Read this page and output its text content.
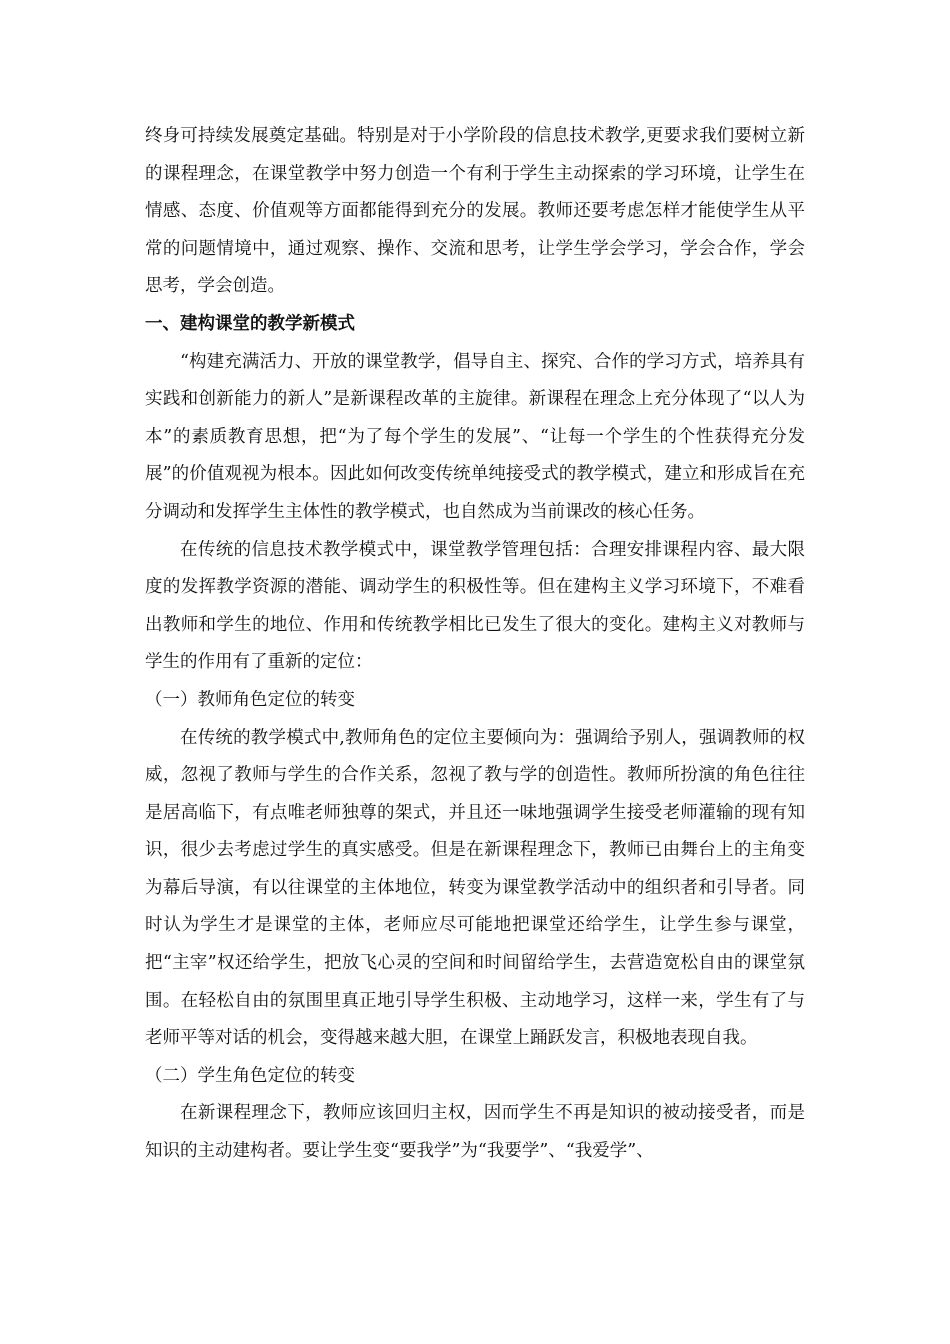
终身可持续发展奠定基础。特别是对于小学阶段的信息技术教学,更要求我们要树立新的课程理念，在课堂教学中努力创造一个有利于学生主动探索的学习环境，让学生在情感、态度、价值观等方面都能得到充分的发展。教师还要考虑怎样才能使学生从平常的问题情境中，通过观察、操作、交流和思考，让学生学会学习，学会合作，学会思考，学会创造。

一、建构课堂的教学新模式

“构建充满活力、开放的课堂教学，倡导自主、探究、合作的学习方式，培养具有实践和创新能力的新人”是新课程改革的主旋律。新课程在理念上充分体现了“以人为本”的素质教育思想，把“为了每个学生的发展”、“让每一个学生的个性获得充分发展”的价值观视为根本。因此如何改变传统单纯接受式的教学模式，建立和形成旨在充分调动和发挥学生主体性的教学模式，也自然成为当前课改的核心任务。

在传统的信息技术教学模式中，课堂教学管理包括：合理安排课程内容、最大限度的发挥教学资源的潜能、调动学生的积极性等。但在建构主义学习环境下，不难看出教师和学生的地位、作用和传统教学相比已发生了很大的变化。建构主义对教师与学生的作用有了重新的定位：

（一）教师角色定位的转变

在传统的教学模式中,教师角色的定位主要倾向为：强调给予别人，强调教师的权威，忽视了教师与学生的合作关系，忽视了教与学的创造性。教师所扮演的角色往往是居高临下，有点唯老师独尊的架式，并且还一味地强调学生接受老师灌输的现有知识，很少去考虑过学生的真实感受。但是在新课程理念下，教师已由舞台上的主角变为幕后导演，有以往课堂的主体地位，转变为课堂教学活动中的组织者和引导者。同时认为学生才是课堂的主体，老师应尽可能地把课堂还给学生，让学生参与课堂，把“主宰”权还给学生，把放飞心灵的空间和时间留给学生，去营造宽松自由的课堂氛围。在轻松自由的氛围里真正地引导学生积极、主动地学习，这样一来，学生有了与老师平等对话的机会，变得越来越大胆，在课堂上踊跃发言，积极地表现自我。

（二）学生角色定位的转变

在新课程理念下，教师应该回归主权，因而学生不再是知识的被动接受者，而是知识的主动建构者。要让学生变“要我学”为“我要学”、“我爱学”、
